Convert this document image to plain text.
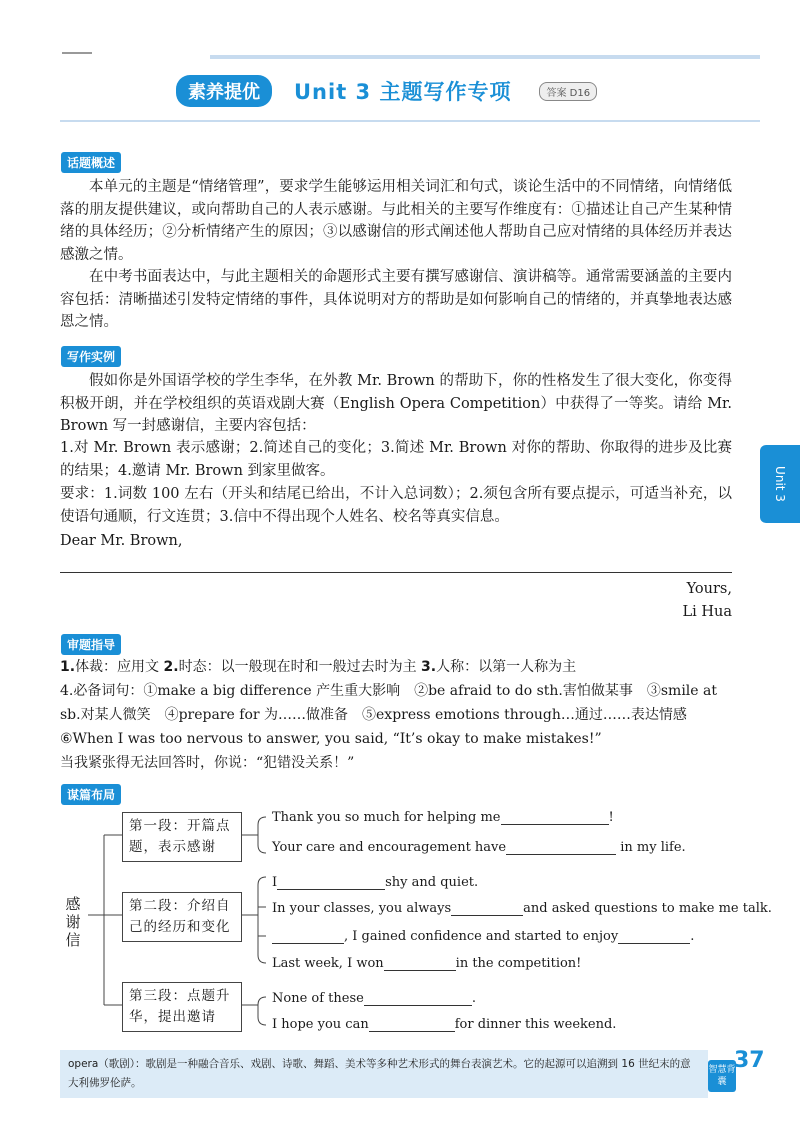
素养提优	Unit 3 主题写作专项	答案 D16
话题概述

本单元的主题是“情绪管理”，要求学生能够运用相关词汇和句式，谈论生活中的不同情绪，向情绪低落的朋友提供建议，或向帮助自己的人表示感谢。与此相关的主要写作维度有：①描述让自己产生某种情绪的具体经历；②分析情绪产生的原因；③以感谢信的形式阐述他人帮助自己应对情绪的具体经历并表达感激之情。

在中考书面表达中，与此主题相关的命题形式主要有撰写感谢信、演讲稿等。通常需要涵盖的主要内容包括：清晰描述引发特定情绪的事件，具体说明对方的帮助是如何影响自己的情绪的，并真挚地表达感恩之情。

写作实例

假如你是外国语学校的学生李华，在外教 Mr. Brown 的帮助下，你的性格发生了很大变化，你变得积极开朗，并在学校组织的英语戏剧大赛（English Opera Competition）中获得了一等奖。请给 Mr. Brown 写一封感谢信，主要内容包括：

1.对 Mr. Brown 表示感谢；2.简述自己的变化；3.简述 Mr. Brown 对你的帮助、你取得的进步及比赛的结果；4.邀请 Mr. Brown 到家里做客。

要求：1.词数 100 左右（开头和结尾已给出，不计入总词数）；2.须包含所有要点提示，可适当补充，以使语句通顺，行文连贯；3.信中不得出现个人姓名、校名等真实信息。

Dear Mr. Brown,

Yours,
Li Hua
Unit 3
审题指导
1.体裁：应用文 2.时态：以一般现在时和一般过去时为主 3.人称：以第一人称为主
4.必备词句：①make a big difference 产生重大影响　②be afraid to do sth.害怕做某事　③smile at
sb.对某人微笑　④prepare for 为……做准备　⑤express emotions through…通过……表达情感
⑥When I was too nervous to answer, you said, “It’s okay to make mistakes!”
当我紧张得无法回答时，你说：“犯错没关系！”
谋篇布局
感谢信
第一段：开篇点题，表示感谢
Thank you so much for helping me	!
Your care and encouragement have	in my life.
第二段：介绍自己的经历和变化
I	shy and quiet.
In your classes, you always	and asked questions to make me talk.
, I gained confidence and started to enjoy	.
Last week, I won	in the competition!
第三段：点题升华，提出邀请
None of these	.
I hope you can	for dinner this weekend.
opera（歌剧）：歌剧是一种融合音乐、戏剧、诗歌、舞蹈、美术等多种艺术形式的舞台表演艺术。它的起源可以追溯到 16 世纪末的意大利佛罗伦萨。
智慧背囊
37
